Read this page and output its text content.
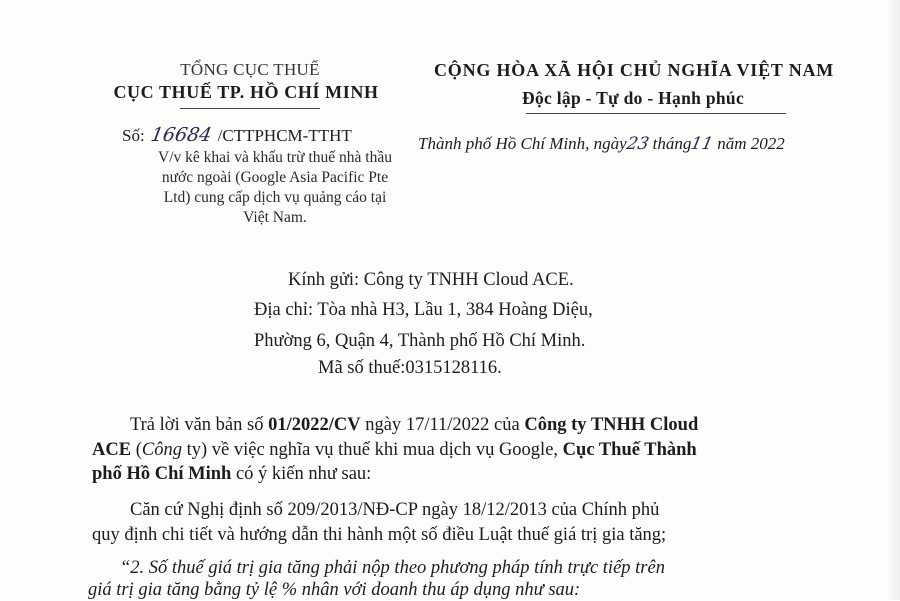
TỔNG CỤC THUẾ
CỤC THUẾ TP. HỒ CHÍ MINH
Số: 16684 /CTTPHCM-TTHT
V/v kê khai và khấu trừ thuế nhà thầu nước ngoài (Google Asia Pacific Pte Ltd) cung cấp dịch vụ quảng cáo tại Việt Nam.
CỘNG HÒA XÃ HỘI CHỦ NGHĨA VIỆT NAM
Độc lập - Tự do - Hạnh phúc
Thành phố Hồ Chí Minh, ngày23 tháng11 năm 2022
Kính gửi: Công ty TNHH Cloud ACE.
Địa chỉ: Tòa nhà H3, Lầu 1, 384 Hoàng Diệu,
Phường 6, Quận 4, Thành phố Hồ Chí Minh.
Mã số thuế:0315128116.
Trả lời văn bản số 01/2022/CV ngày 17/11/2022 của Công ty TNHH Cloud
ACE (Công ty) về việc nghĩa vụ thuế khi mua dịch vụ Google, Cục Thuế Thành
phố Hồ Chí Minh có ý kiến như sau:
Căn cứ Nghị định số 209/2013/NĐ-CP ngày 18/12/2013 của Chính phủ
quy định chi tiết và hướng dẫn thi hành một số điều Luật thuế giá trị gia tăng;
“2. Số thuế giá trị gia tăng phải nộp theo phương pháp tính trực tiếp trên
giá trị gia tăng bằng tỷ lệ % nhân với doanh thu áp dụng như sau:
